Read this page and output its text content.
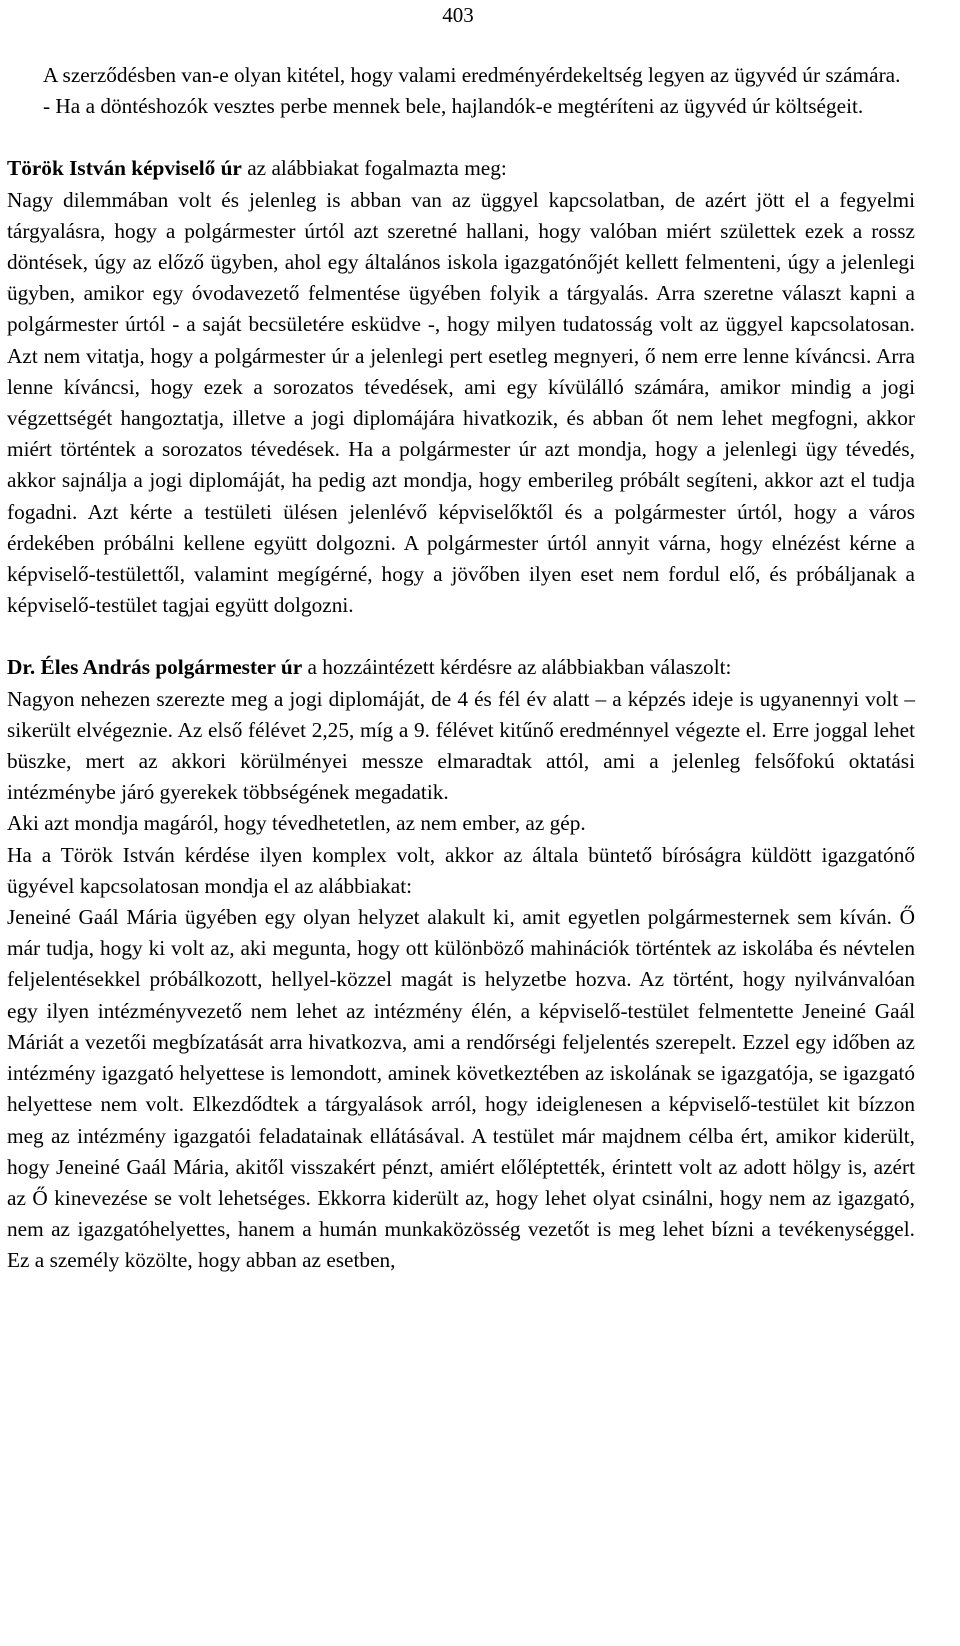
403

A szerződésben van-e olyan kitétel, hogy valami eredményérdekeltség legyen az ügyvéd úr számára.

- Ha a döntéshozók vesztes perbe mennek bele, hajlandók-e megtéríteni az ügyvéd úr költségeit.

Török István képviselő úr az alábbiakat fogalmazta meg:

Nagy dilemmában volt és jelenleg is abban van az üggyel kapcsolatban, de azért jött el a fegyelmi tárgyalásra, hogy a polgármester úrtól azt szeretné hallani, hogy valóban miért születtek ezek a rossz döntések, úgy az előző ügyben, ahol egy általános iskola igazgatónőjét kellett felmenteni, úgy a jelenlegi ügyben, amikor egy óvodavezető felmentése ügyében folyik a tárgyalás. Arra szeretne választ kapni a polgármester úrtól - a saját becsületére esküdve -, hogy milyen tudatosság volt az üggyel kapcsolatosan. Azt nem vitatja, hogy a polgármester úr a jelenlegi pert esetleg megnyeri, ő nem erre lenne kíváncsi. Arra lenne kíváncsi, hogy ezek a sorozatos tévedések, ami egy kívülálló számára, amikor mindig a jogi végzettségét hangoztatja, illetve a jogi diplomájára hivatkozik, és abban őt nem lehet megfogni, akkor miért történtek a sorozatos tévedések. Ha a polgármester úr azt mondja, hogy a jelenlegi ügy tévedés, akkor sajnálja a jogi diplomáját, ha pedig azt mondja, hogy emberileg próbált segíteni, akkor azt el tudja fogadni. Azt kérte a testületi ülésen jelenlévő képviselőktől és a polgármester úrtól, hogy a város érdekében próbálni kellene együtt dolgozni. A polgármester úrtól annyit várna, hogy elnézést kérne a képviselő-testülettől, valamint megígérné, hogy a jövőben ilyen eset nem fordul elő, és próbáljanak a képviselő-testület tagjai együtt dolgozni.

Dr. Éles András polgármester úr a hozzáintézett kérdésre az alábbiakban válaszolt:

Nagyon nehezen szerezte meg a jogi diplomáját, de 4 és fél év alatt – a képzés ideje is ugyanennyi volt – sikerült elvégeznie. Az első félévet 2,25, míg a 9. félévet kitűnő eredménnyel végezte el. Erre joggal lehet büszke, mert az akkori körülményei messze elmaradtak attól, ami a jelenleg felsőfokú oktatási intézménybe járó gyerekek többségének megadatik.

Aki azt mondja magáról, hogy tévedhetetlen, az nem ember, az gép.

Ha a Török István kérdése ilyen komplex volt, akkor az általa büntető bíróságra küldött igazgatónő ügyével kapcsolatosan mondja el az alábbiakat:

Jeneiné Gaál Mária ügyében egy olyan helyzet alakult ki, amit egyetlen polgármesternek sem kíván. Ő már tudja, hogy ki volt az, aki megunta, hogy ott különböző mahinációk történtek az iskolába és névtelen feljelentésekkel próbálkozott, hellyel-közzel magát is helyzetbe hozva. Az történt, hogy nyilvánvalóan egy ilyen intézményvezető nem lehet az intézmény élén, a képviselő-testület felmentette Jeneiné Gaál Máriát a vezetői megbízatását arra hivatkozva, ami a rendőrségi feljelentés szerepelt. Ezzel egy időben az intézmény igazgató helyettese is lemondott, aminek következtében az iskolának se igazgatója, se igazgató helyettese nem volt. Elkezdődtek a tárgyalások arról, hogy ideiglenesen a képviselő-testület kit bízzon meg az intézmény igazgatói feladatainak ellátásával. A testület már majdnem célba ért, amikor kiderült, hogy Jeneiné Gaál Mária, akitől visszakért pénzt, amiért előléptették, érintett volt az adott hölgy is, azért az Ő kinevezése se volt lehetséges. Ekkorra kiderült az, hogy lehet olyat csinálni, hogy nem az igazgató, nem az igazgatóhelyettes, hanem a humán munkaközösség vezetőt is meg lehet bízni a tevékenységgel. Ez a személy közölte, hogy abban az esetben,
